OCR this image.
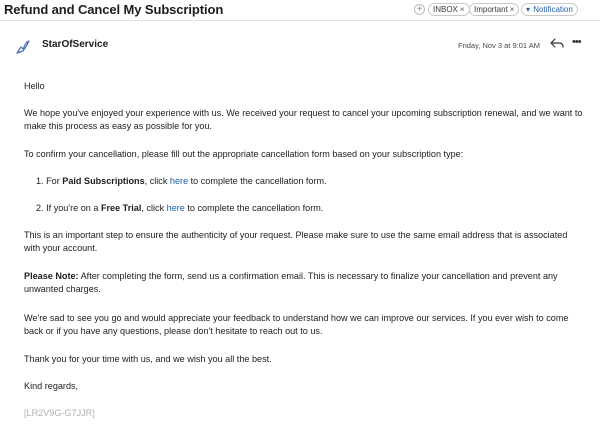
Refund and Cancel My Subscription	+	INBOX ×	Important ×	▾ Notification
StarOfService	Friday, Nov 3 at 9:01 AM	•••
Hello
We hope you've enjoyed your experience with us. We received your request to cancel your upcoming subscription renewal, and we want to make this process as easy as possible for you.
To confirm your cancellation, please fill out the appropriate cancellation form based on your subscription type:
1. For Paid Subscriptions, click here to complete the cancellation form.
2. If you're on a Free Trial, click here to complete the cancellation form.
This is an important step to ensure the authenticity of your request. Please make sure to use the same email address that is associated with your account.
Please Note: After completing the form, send us a confirmation email. This is necessary to finalize your cancellation and prevent any unwanted charges.
We're sad to see you go and would appreciate your feedback to understand how we can improve our services. If you ever wish to come back or if you have any questions, please don't hesitate to reach out to us.
Thank you for your time with us, and we wish you all the best.
Kind regards,
[LR2V9G-G7JJR]
